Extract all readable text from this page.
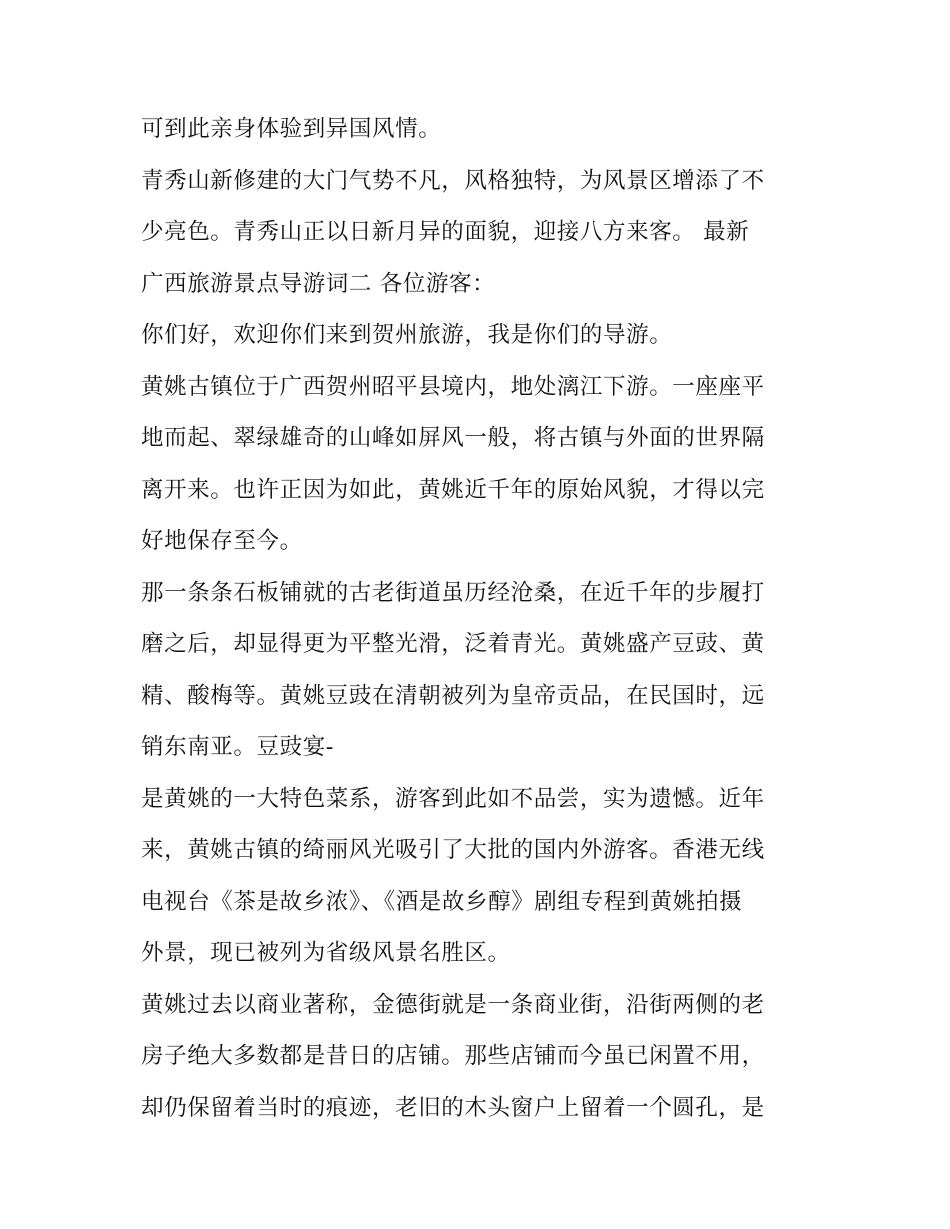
可到此亲身体验到异国风情。
青秀山新修建的大门气势不凡，风格独特，为风景区增添了不
少亮色。青秀山正以日新月异的面貌，迎接八方来客。 最新
广西旅游景点导游词二 各位游客：
你们好，欢迎你们来到贺州旅游，我是你们的导游。
黄姚古镇位于广西贺州昭平县境内，地处漓江下游。一座座平
地而起、翠绿雄奇的山峰如屏风一般，将古镇与外面的世界隔
离开来。也许正因为如此，黄姚近千年的原始风貌，才得以完
好地保存至今。
那一条条石板铺就的古老街道虽历经沧桑，在近千年的步履打
磨之后，却显得更为平整光滑，泛着青光。黄姚盛产豆豉、黄
精、酸梅等。黄姚豆豉在清朝被列为皇帝贡品，在民国时，远
销东南亚。豆豉宴-
是黄姚的一大特色菜系，游客到此如不品尝，实为遗憾。近年
来，黄姚古镇的绮丽风光吸引了大批的国内外游客。香港无线
电视台《茶是故乡浓》、《酒是故乡醇》剧组专程到黄姚拍摄
外景，现已被列为省级风景名胜区。
黄姚过去以商业著称，金德街就是一条商业街，沿街两侧的老
房子绝大多数都是昔日的店铺。那些店铺而今虽已闲置不用，
却仍保留着当时的痕迹，老旧的木头窗户上留着一个圆孔，是
